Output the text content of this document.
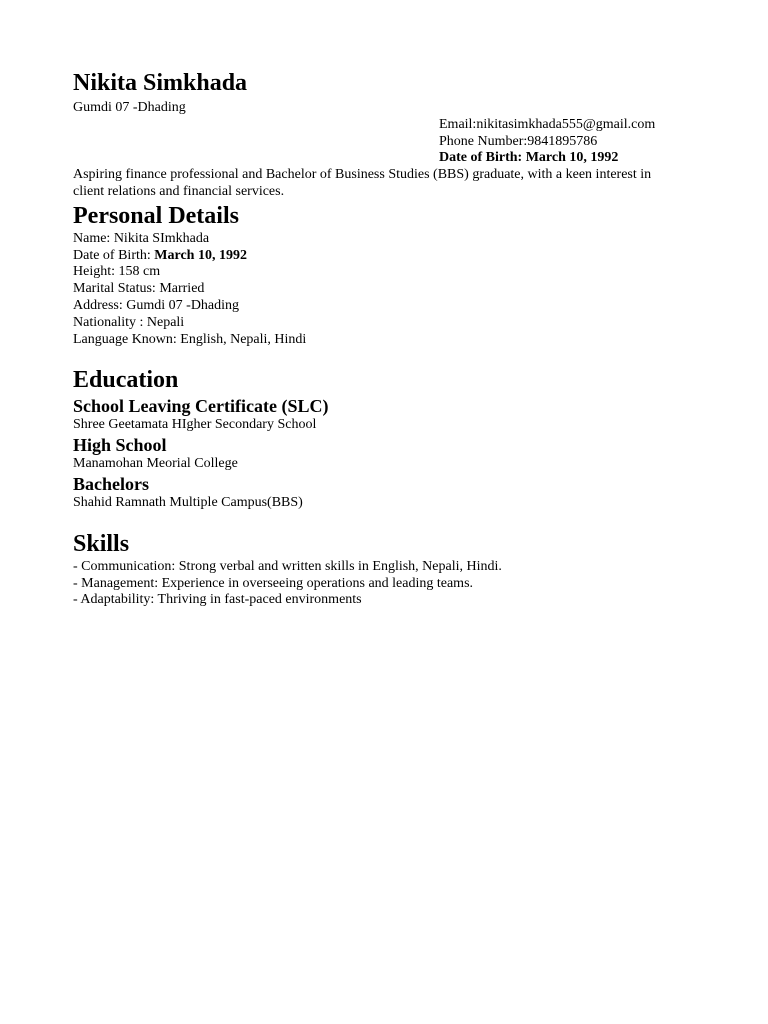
Nikita Simkhada
Gumdi 07 -Dhading
Email:nikitasimkhada555@gmail.com
Phone Number:9841895786
Date of Birth: March 10, 1992
Aspiring finance professional and Bachelor of Business Studies (BBS) graduate, with a keen interest in client relations and financial services.
Personal Details
Name: Nikita SImkhada
Date of Birth: March 10, 1992
Height: 158 cm
Marital Status: Married
Address: Gumdi 07 -Dhading
Nationality : Nepali
Language Known: English, Nepali, Hindi
Education
School Leaving Certificate (SLC)
Shree Geetamata HIgher Secondary School
High School
Manamohan Meorial College
Bachelors
Shahid Ramnath Multiple Campus(BBS)
Skills
- Communication: Strong verbal and written skills in English, Nepali, Hindi.
- Management: Experience in overseeing operations and leading teams.
- Adaptability: Thriving in fast-paced environments
